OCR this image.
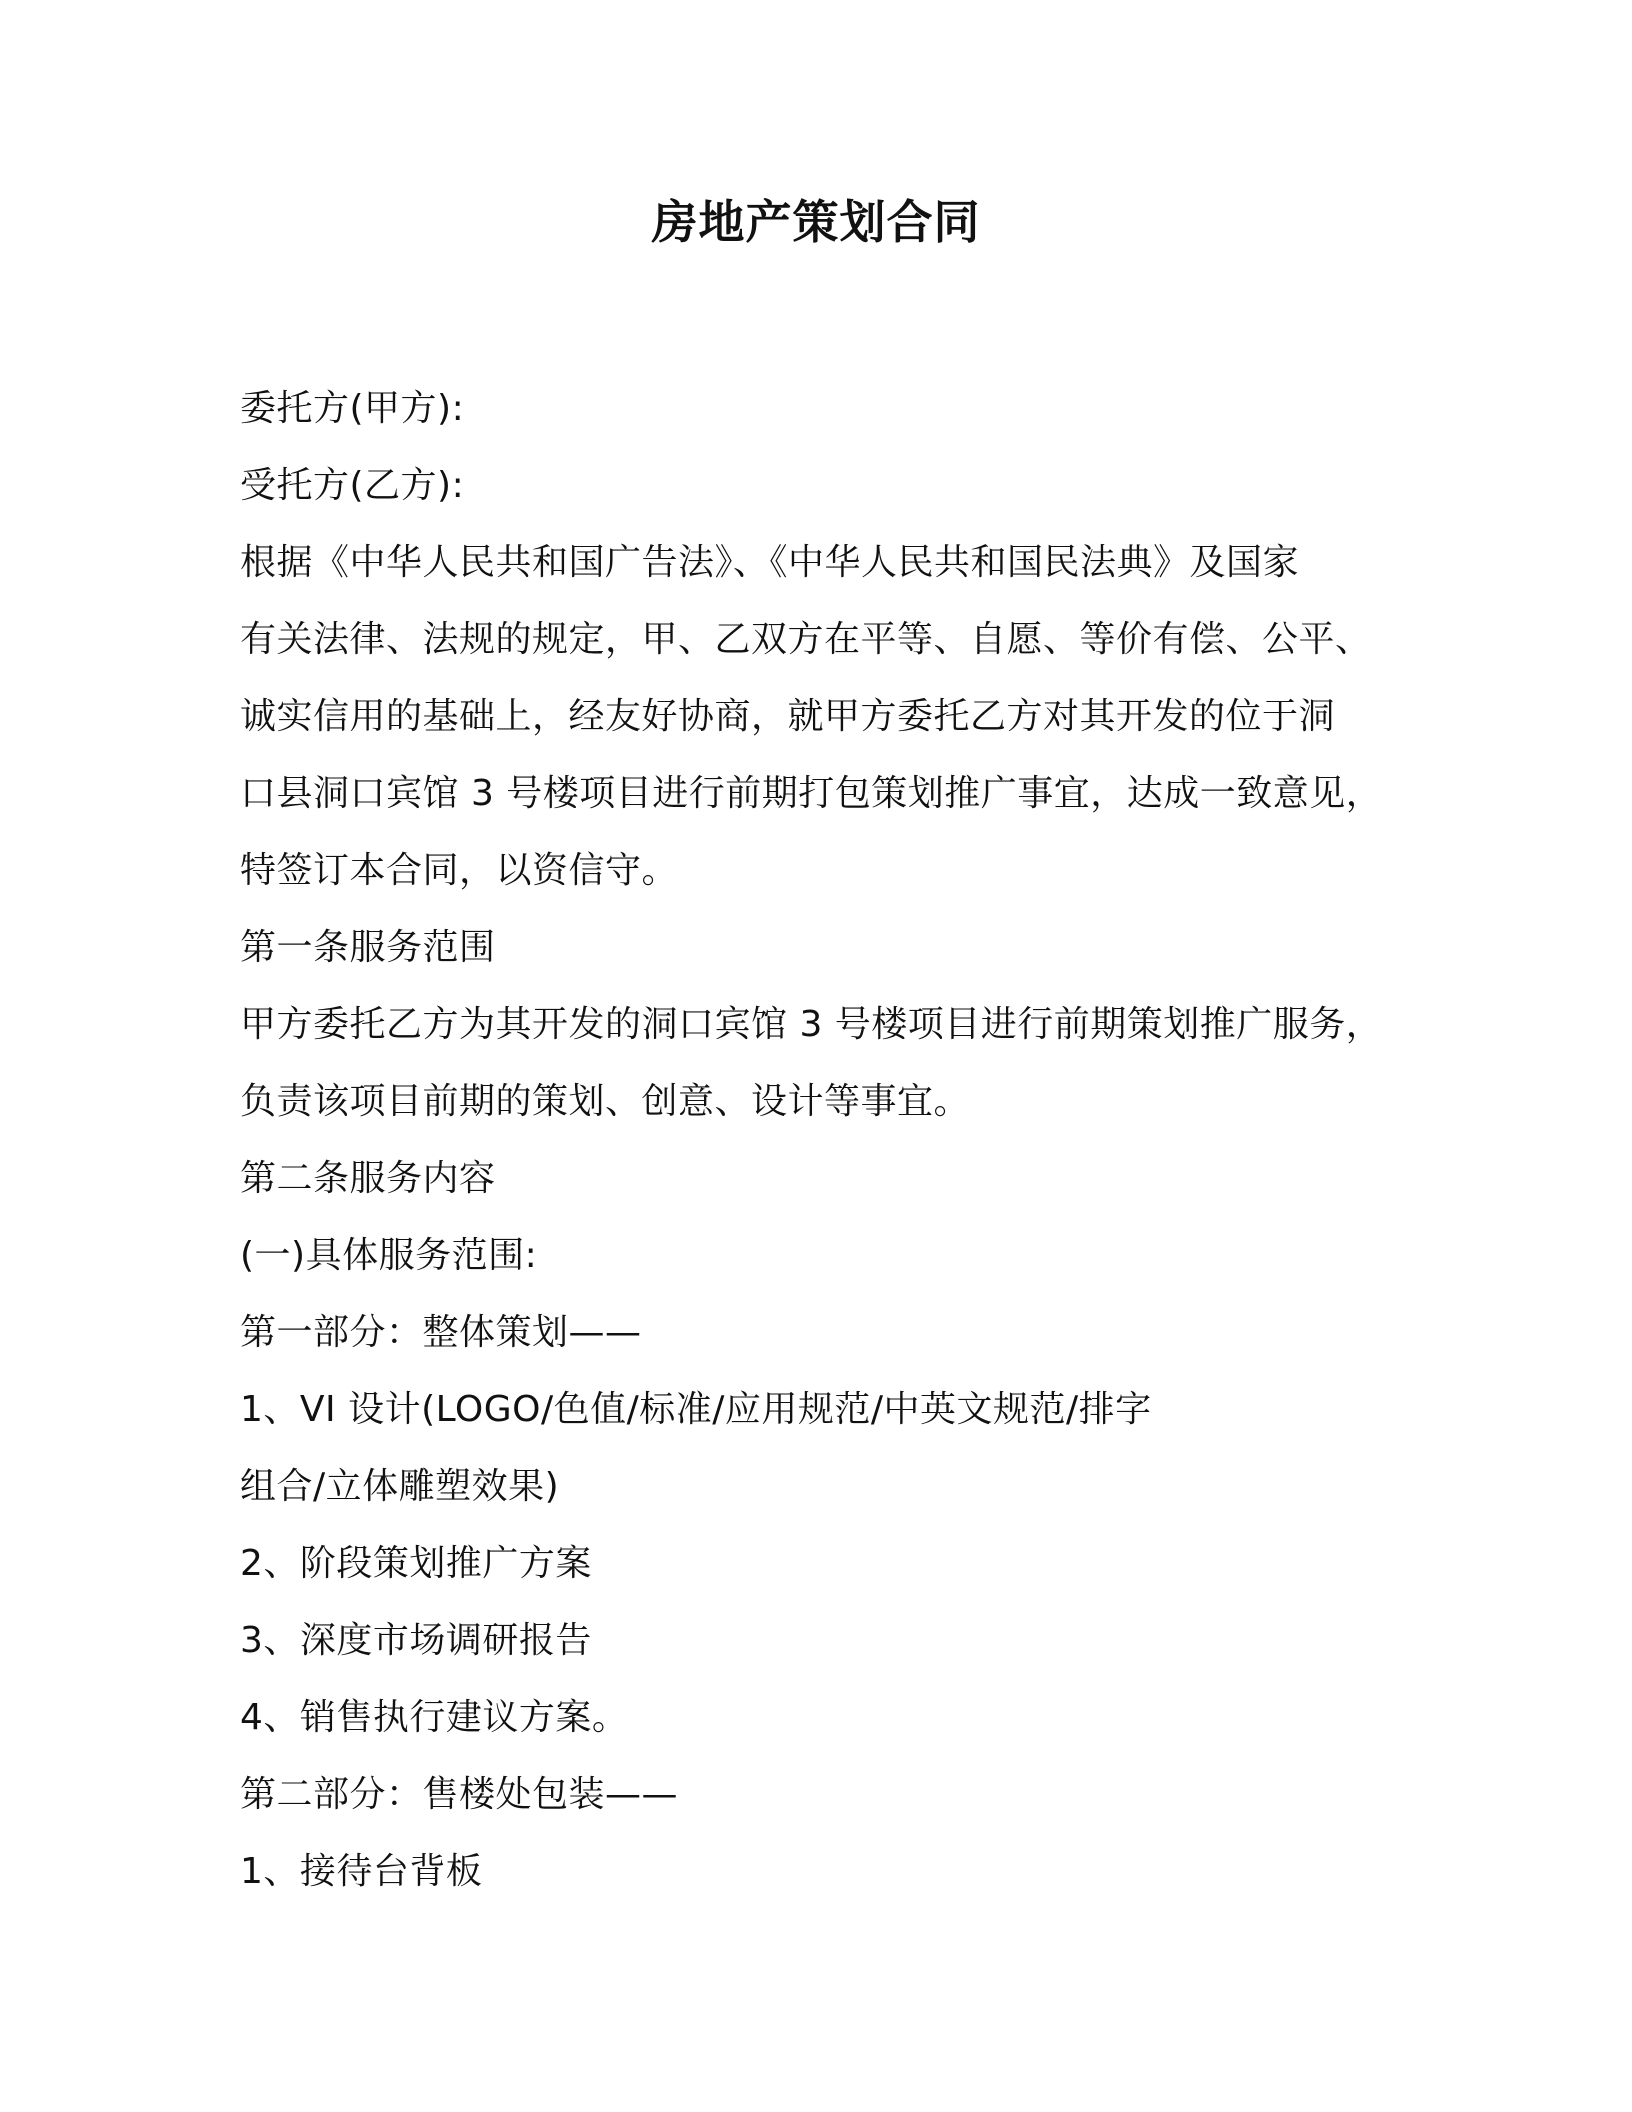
房地产策划合同
委托方(甲方):
受托方(乙方):
根据《中华人民共和国广告法》、《中华人民共和国民法典》及国家
有关法律、法规的规定，甲、乙双方在平等、自愿、等价有偿、公平、
诚实信用的基础上，经友好协商，就甲方委托乙方对其开发的位于洞
口县洞口宾馆 3 号楼项目进行前期打包策划推广事宜，达成一致意见，
特签订本合同，以资信守。
第一条服务范围
甲方委托乙方为其开发的洞口宾馆 3 号楼项目进行前期策划推广服务，
负责该项目前期的策划、创意、设计等事宜。
第二条服务内容
(一)具体服务范围:
第一部分：整体策划——
1、VI 设计(LOGO/色值/标准/应用规范/中英文规范/排字
组合/立体雕塑效果)
2、阶段策划推广方案
3、深度市场调研报告
4、销售执行建议方案。
第二部分：售楼处包装——
1、接待台背板
